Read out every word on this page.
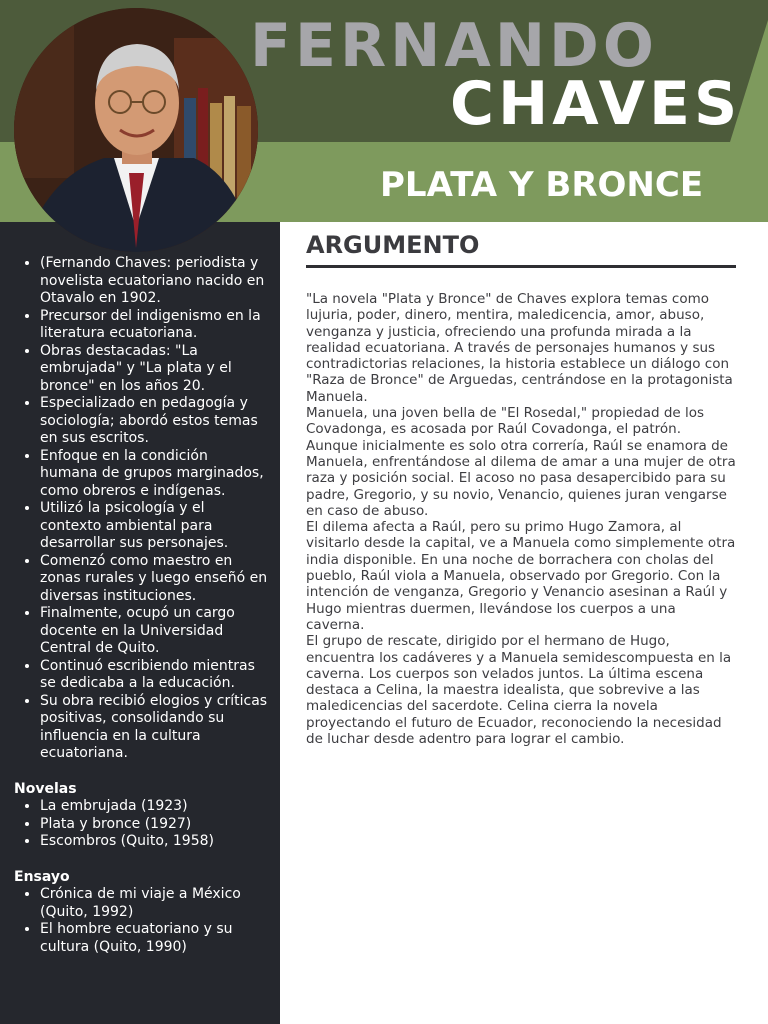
FERNANDO
CHAVES
PLATA Y BRONCE
• (Fernando Chaves: periodista y novelista ecuatoriano nacido en Otavalo en 1902.
• Precursor del indigenismo en la literatura ecuatoriana.
• Obras destacadas: "La embrujada" y "La plata y el bronce" en los años 20.
• Especializado en pedagogía y sociología; abordó estos temas en sus escritos.
• Enfoque en la condición humana de grupos marginados, como obreros e indígenas.
• Utilizó la psicología y el contexto ambiental para desarrollar sus personajes.
• Comenzó como maestro en zonas rurales y luego enseñó en diversas instituciones.
• Finalmente, ocupó un cargo docente en la Universidad Central de Quito.
• Continuó escribiendo mientras se dedicaba a la educación.
• Su obra recibió elogios y críticas positivas, consolidando su influencia en la cultura ecuatoriana.
Novelas
• La embrujada (1923)
• Plata y bronce (1927)
• Escombros (Quito, 1958)
Ensayo
• Crónica de mi viaje a México (Quito, 1992)
• El hombre ecuatoriano y su cultura (Quito, 1990)
ARGUMENTO

"La novela "Plata y Bronce" de Chaves explora temas como lujuria, poder, dinero, mentira, maledicencia, amor, abuso, venganza y justicia, ofreciendo una profunda mirada a la realidad ecuatoriana. A través de personajes humanos y sus contradictorias relaciones, la historia establece un diálogo con "Raza de Bronce" de Arguedas, centrándose en la protagonista Manuela.

Manuela, una joven bella de "El Rosedal," propiedad de los Covadonga, es acosada por Raúl Covadonga, el patrón. Aunque inicialmente es solo otra correría, Raúl se enamora de Manuela, enfrentándose al dilema de amar a una mujer de otra raza y posición social. El acoso no pasa desapercibido para su padre, Gregorio, y su novio, Venancio, quienes juran vengarse en caso de abuso.

El dilema afecta a Raúl, pero su primo Hugo Zamora, al visitarlo desde la capital, ve a Manuela como simplemente otra india disponible. En una noche de borrachera con cholas del pueblo, Raúl viola a Manuela, observado por Gregorio. Con la intención de venganza, Gregorio y Venancio asesinan a Raúl y Hugo mientras duermen, llevándose los cuerpos a una caverna.

El grupo de rescate, dirigido por el hermano de Hugo, encuentra los cadáveres y a Manuela semidescompuesta en la caverna. Los cuerpos son velados juntos. La última escena destaca a Celina, la maestra idealista, que sobrevive a las maledicencias del sacerdote. Celina cierra la novela proyectando el futuro de Ecuador, reconociendo la necesidad de luchar desde adentro para lograr el cambio.
